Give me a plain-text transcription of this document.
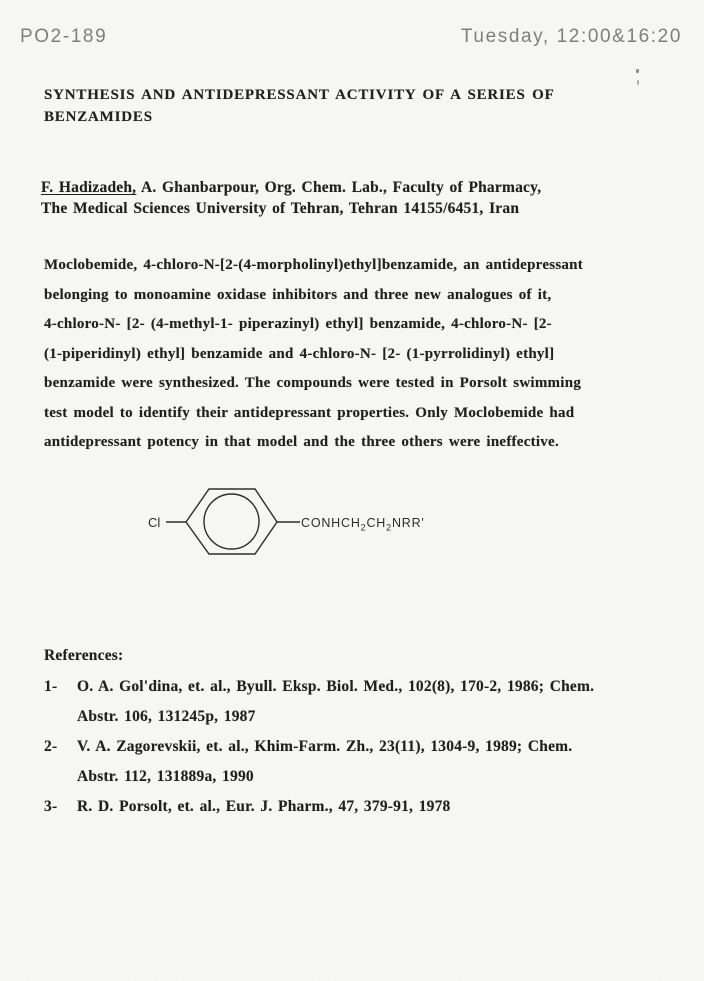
PO2-189	Tuesday, 12:00&16:20
SYNTHESIS AND ANTIDEPRESSANT ACTIVITY OF A SERIES OF
BENZAMIDES
F. Hadizadeh, A. Ghanbarpour, Org. Chem. Lab., Faculty of Pharmacy,
The Medical Sciences University of Tehran, Tehran 14155/6451, Iran
Moclobemide, 4-chloro-N-[2-(4-morpholinyl)ethyl]benzamide, an antidepressant
belonging to monoamine oxidase inhibitors and three new analogues of it,
4-chloro-N- [2- (4-methyl-1- piperazinyl) ethyl] benzamide, 4-chloro-N- [2-
(1-piperidinyl) ethyl] benzamide and 4-chloro-N- [2- (1-pyrrolidinyl) ethyl]
benzamide were synthesized. The compounds were tested in Porsolt swimming
test model to identify their antidepressant properties. Only Moclobemide had
antidepressant potency in that model and the three others were ineffective.
Cl	$CONHCH_2CH_2NRR'$
References:
1-	O. A. Gol'dina, et. al., Byull. Eksp. Biol. Med., 102(8), 170-2, 1986; Chem.
Abstr. 106, 131245p, 1987
2-	V. A. Zagorevskii, et. al., Khim-Farm. Zh., 23(11), 1304-9, 1989; Chem.
Abstr. 112, 131889a, 1990
3-	R. D. Porsolt, et. al., Eur. J. Pharm., 47, 379-91, 1978
